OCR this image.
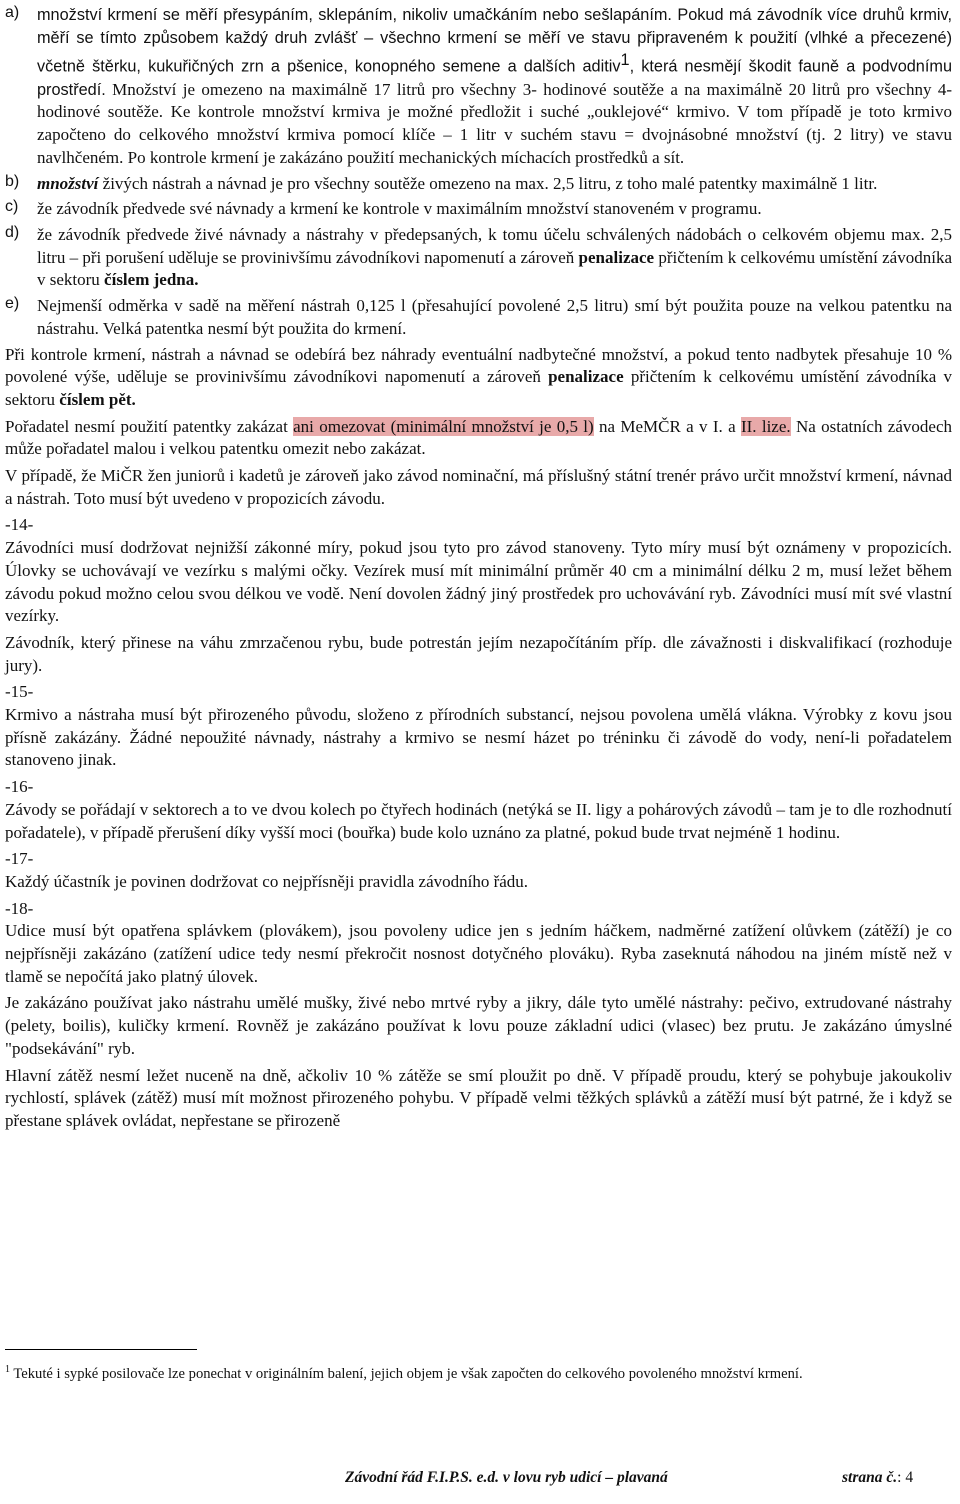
a)	množství krmení se měří přesypáním, sklepáním, nikoliv umačkáním nebo sešlapáním. Pokud má závodník více druhů krmiv, měří se tímto způsobem každý druh zvlášť – všechno krmení se měří ve stavu připraveném k použití (vlhké a přecezené) včetně štěrku, kukuřičných zrn a pšenice, konopného semene a dalších aditiv$^1$, která nesmějí škodit fauně a podvodnímu prostředí. Množství je omezeno na maximálně 17 litrů pro všechny 3- hodinové soutěže a na maximálně 20 litrů pro všechny 4- hodinové soutěže. Ke kontrole množství krmiva je možné předložit i suché „ouklejové“ krmivo. V tom případě je toto krmivo započteno do celkového množství krmiva pomocí klíče – 1 litr v suchém stavu = dvojnásobné množství (tj. 2 litry) ve stavu navlhčeném. Po kontrole krmení je zakázáno použití mechanických míchacích prostředků a sít.
b)	množství živých nástrah a návnad je pro všechny soutěže omezeno na max. 2,5 litru, z toho malé patentky maximálně 1 litr.
c)	že závodník předvede své návnady a krmení ke kontrole v maximálním množství stanoveném v programu.
d)	že závodník předvede živé návnady a nástrahy v předepsaných, k tomu účelu schválených nádobách o celkovém objemu max. 2,5 litru – při porušení uděluje se provinivšímu závodníkovi napomenutí a zároveň penalizace přičtením k celkovému umístění závodníka v sektoru číslem jedna.
e)	Nejmenší odměrka v sadě na měření nástrah 0,125 l (přesahující povolené 2,5 litru) smí být použita pouze na velkou patentku na nástrahu. Velká patentka nesmí být použita do krmení.

Při kontrole krmení, nástrah a návnad se odebírá bez náhrady eventuální nadbytečné množství, a pokud tento nadbytek přesahuje 10 % povolené výše, uděluje se provinivšímu závodníkovi napomenutí a zároveň penalizace přičtením k celkovému umístění závodníka v sektoru číslem pět.

Pořadatel nesmí použití patentky zakázat ani omezovat (minimální množství je 0,5 l) na MeMČR a v I. a II. lize. Na ostatních závodech může pořadatel malou i velkou patentku omezit nebo zakázat.

V případě, že MiČR žen juniorů i kadetů je zároveň jako závod nominační, má příslušný státní trenér právo určit množství krmení, návnad a nástrah. Toto musí být uvedeno v propozicích závodu.

-14-

Závodníci musí dodržovat nejnižší zákonné míry, pokud jsou tyto pro závod stanoveny. Tyto míry musí být oznámeny v propozicích. Úlovky se uchovávají ve vezírku s malými očky. Vezírek musí mít minimální průměr 40 cm a minimální délku 2 m, musí ležet během závodu pokud možno celou svou délkou ve vodě. Není dovolen žádný jiný prostředek pro uchovávání ryb. Závodníci musí mít své vlastní vezírky.

Závodník, který přinese na váhu zmrzačenou rybu, bude potrestán jejím nezapočítáním příp. dle závažnosti i diskvalifikací (rozhoduje jury).

-15-

Krmivo a nástraha musí být přirozeného původu, složeno z přírodních substancí, nejsou povolena umělá vlákna. Výrobky z kovu jsou přísně zakázány. Žádné nepoužité návnady, nástrahy a krmivo se nesmí házet po tréninku či závodě do vody, není-li pořadatelem stanoveno jinak.

-16-

Závody se pořádají v sektorech a to ve dvou kolech po čtyřech hodinách (netýká se II. ligy a pohárových závodů – tam je to dle rozhodnutí pořadatele), v případě přerušení díky vyšší moci (bouřka) bude kolo uznáno za platné, pokud bude trvat nejméně 1 hodinu.

-17-

Každý účastník je povinen dodržovat co nejpřísněji pravidla závodního řádu.

-18-

Udice musí být opatřena splávkem (plovákem), jsou povoleny udice jen s jedním háčkem, nadměrné zatížení olůvkem (zátěží) je co nejpřísněji zakázáno (zatížení udice tedy nesmí překročit nosnost dotyčného plováku). Ryba zaseknutá náhodou na jiném místě než v tlamě se nepočítá jako platný úlovek.

Je zakázáno používat jako nástrahu umělé mušky, živé nebo mrtvé ryby a jikry, dále tyto umělé nástrahy: pečivo, extrudované nástrahy (pelety, boilis), kuličky krmení. Rovněž je zakázáno používat k lovu pouze základní udici (vlasec) bez prutu. Je zakázáno úmyslné "podsekávání" ryb.

Hlavní zátěž nesmí ležet nuceně na dně, ačkoliv 10 % zátěže se smí ploužit po dně. V případě proudu, který se pohybuje jakoukoliv rychlostí, splávek (zátěž) musí mít možnost přirozeného pohybu. V případě velmi těžkých splávků a zátěží musí být patrné, že i když se přestane splávek ovládat, nepřestane se přirozeně

$^1$ Tekuté i sypké posilovače lze ponechat v originálním balení, jejich objem je však započten do celkového povoleného množství krmení.
Závodní řád F.I.P.S. e.d. v lovu ryb udicí – plavaná	strana č.: 4
